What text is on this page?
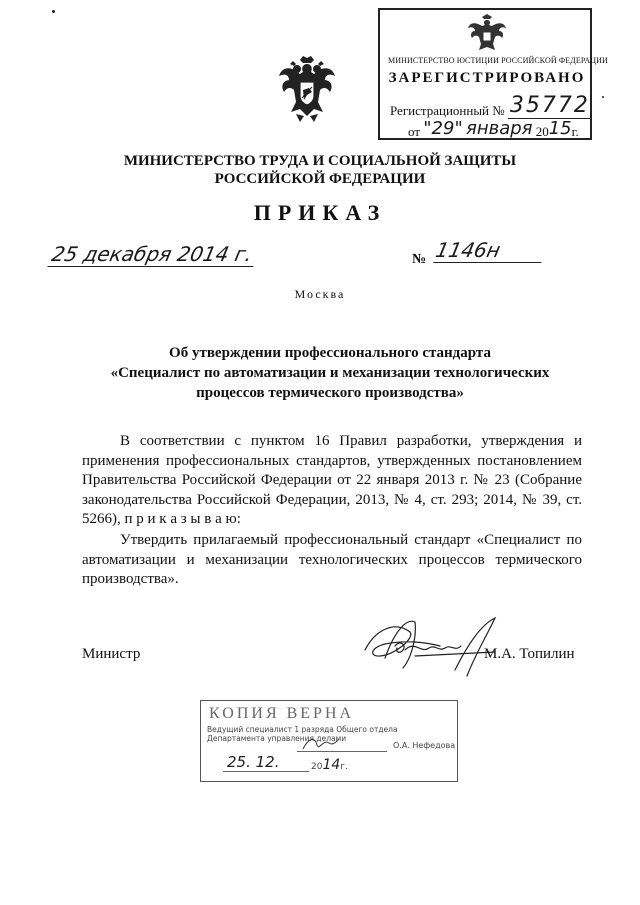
МИНИСТЕРСТВО ЮСТИЦИИ РОССИЙСКОЙ ФЕДЕРАЦИИ
ЗАРЕГИСТРИРОВАНО
Регистрационный № 35772
от "29" января 2015г.
МИНИСТЕРСТВО ТРУДА И СОЦИАЛЬНОЙ ЗАЩИТЫ
РОССИЙСКОЙ ФЕДЕРАЦИИ
ПРИКАЗ
25 декабря 2014 г.	№ 1146н
Москва
Об утверждении профессионального стандарта
«Специалист по автоматизации и механизации технологических
процессов термического производства»
В соответствии с пунктом 16 Правил разработки, утверждения и применения профессиональных стандартов, утвержденных постановлением Правительства Российской Федерации от 22 января 2013 г. № 23 (Собрание законодательства Российской Федерации, 2013, № 4, ст. 293; 2014, № 39, ст. 5266), п р и к а з ы в а ю:
Утвердить прилагаемый профессиональный стандарт «Специалист по автоматизации и механизации технологических процессов термического производства».
Министр	М.А. Топилин
КОПИЯ ВЕРНА
Ведущий специалист 1 разряда Общего отдела Департамента управления делами
О.А. Нефедова
25. 12.	2014г.
